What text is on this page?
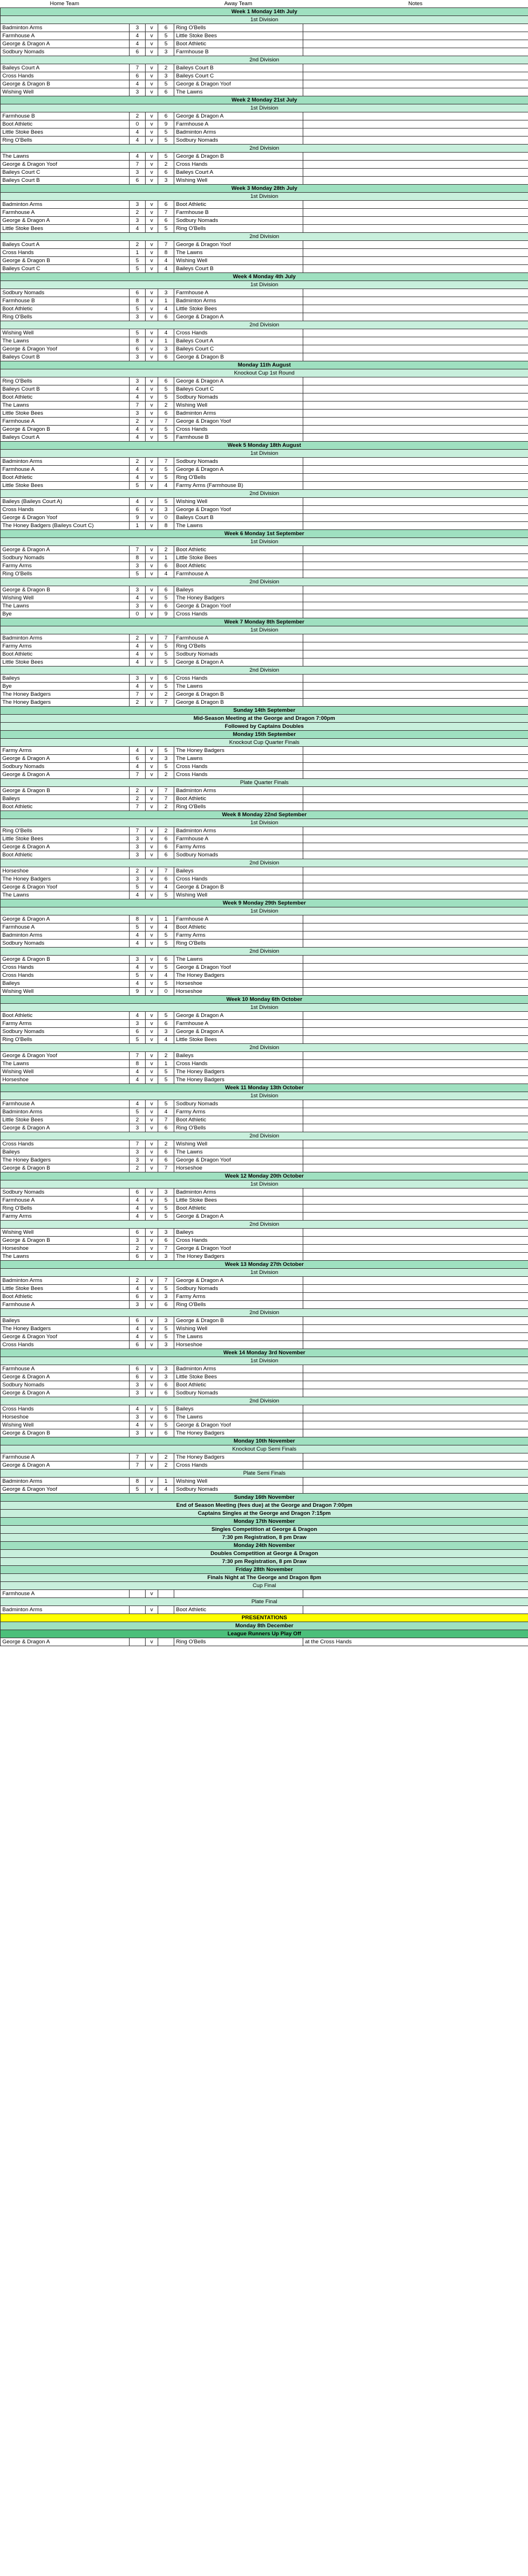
Home Team				Away Team	Notes
Week 1 Monday 14th July					
1st Division					
Badminton Arms	3	v	6	Ring O'Bells	
Farmhouse A	4	v	5	Little Stoke Bees	
George & Dragon A	4	v	5	Boot Athletic	
Sodbury Nomads	6	v	3	Farmhouse B	
2nd Division					
Baileys Court A	7	v	2	Baileys Court B	
Cross Hands	6	v	3	Baileys Court C	
George & Dragon B	4	v	5	George & Dragon Yoof	
Wishing Well	3	v	6	The Lawns	
Week 2 Monday 21st July					
1st Division					
Farmhouse B	2	v	6	George & Dragon A	
Boot Athletic	0	v	9	Farmhouse A	
Little Stoke Bees	4	v	5	Badminton Arms	
Ring O'Bells	4	v	5	Sodbury Nomads	
2nd Division					
The Lawns	4	v	5	George & Dragon B	
George & Dragon Yoof	7	v	2	Cross Hands	
Baileys Court C	3	v	6	Baileys Court A	
Baileys Court B	6	v	3	Wishing Well	
Week 3 Monday 28th July					
1st Division					
Badminton Arms	3	v	6	Boot Athletic	
Farmhouse A	2	v	7	Farmhouse B	
George & Dragon A	3	v	6	Sodbury Nomads	
Little Stoke Bees	4	v	5	Ring O'Bells	
2nd Division					
Baileys Court A	2	v	7	George & Dragon Yoof	
Cross Hands	1	v	8	The Lawns	
George & Dragon B	5	v	4	Wishing Well	
Baileys Court C	5	v	4	Baileys Court B	
Week 4 Monday 4th July					
1st Division					
Sodbury Nomads	6	v	3	Farmhouse A	
Farmhouse B	8	v	1	Badminton Arms	
Boot Athletic	5	v	4	Little Stoke Bees	
Ring O'Bells	3	v	6	George & Dragon A	
2nd Division					
Wishing Well	5	v	4	Cross Hands	
The Lawns	8	v	1	Baileys Court A	
George & Dragon Yoof	6	v	3	Baileys Court C	
Baileys Court B	3	v	6	George & Dragon B	
Monday 11th August					
Knockout Cup 1st Round					
Ring O'Bells	3	v	6	George & Dragon A	
Baileys Court B	4	v	5	Baileys Court C	
Boot Athletic	4	v	5	Sodbury Nomads	
The Lawns	7	v	2	Wishing Well	
Little Stoke Bees	3	v	6	Badminton Arms	
Farmhouse A	2	v	7	George & Dragon Yoof	
George & Dragon B	4	v	5	Cross Hands	
Baileys Court A	4	v	5	Farmhouse B	
Week 5 Monday 18th August					
1st Division					
Badminton Arms	2	v	7	Sodbury Nomads	
Farmhouse A	4	v	5	George & Dragon A	
Boot Athletic	4	v	5	Ring O'Bells	
Little Stoke Bees	5	v	4	Farmy Arms (Farmhouse B)	
2nd Division					
Baileys (Baileys Court A)	4	v	5	Wishing Well	
Cross Hands	6	v	3	George & Dragon Yoof	
George & Dragon Yoof	9	v	0	Baileys Court B	
The Honey Badgers (Baileys Court C)	1	v	8	The Lawns	
Week 6 Monday 1st September					
1st Division					
George & Dragon A	7	v	2	Boot Athletic	
Sodbury Nomads	8	v	1	Little Stoke Bees	
Farmy Arms	3	v	6	Boot Athletic	
Ring O'Bells	5	v	4	Farmhouse A	
2nd Division					
George & Dragon B	3	v	6	Baileys	
Wishing Well	4	v	5	The Honey Badgers	
The Lawns	3	v	6	George & Dragon Yoof	
Bye	0	v	9	Cross Hands	
Week 7 Monday 8th September					
1st Division					
Badminton Arms	2	v	7	Farmhouse A	
Farmy Arms	4	v	5	Ring O'Bells	
Boot Athletic	4	v	5	Sodbury Nomads	
Little Stoke Bees	4	v	5	George & Dragon A	
2nd Division					
Baileys	3	v	6	Cross Hands	
Bye	4	v	5	The Lawns	
The Honey Badgers	7	v	2	George & Dragon B	
The Honey Badgers	2	v	7	George & Dragon B	
Sunday 14th September					
Mid-Season Meeting at the George and Dragon 7:00pm					
Followed by Captains Doubles					
Monday 15th September					
Knockout Cup Quarter Finals					
Farmy Arms	4	v	5	The Honey Badgers	
George & Dragon A	6	v	3	The Lawns	
Sodbury Nomads	4	v	5	Cross Hands	
George & Dragon A	7	v	2	Cross Hands	
Plate Quarter Finals					
George & Dragon B	2	v	7	Badminton Arms	
Baileys	2	v	7	Boot Athletic	
Boot Athletic	7	v	2	Ring O'Bells	
Week 8 Monday 22nd September					
1st Division					
Ring O'Bells	7	v	2	Badminton Arms	
Little Stoke Bees	3	v	6	Farmhouse A	
George & Dragon A	3	v	6	Farmy Arms	
Boot Athletic	3	v	6	Sodbury Nomads	
2nd Division					
Horseshoe	2	v	7	Baileys	
The Honey Badgers	3	v	6	Cross Hands	
George & Dragon Yoof	5	v	4	George & Dragon B	
The Lawns	4	v	5	Wishing Well	
Week 9 Monday 29th September					
1st Division					
George & Dragon A	8	v	1	Farmhouse A	
Farmhouse A	5	v	4	Boot Athletic	
Badminton Arms	4	v	5	Farmy Arms	
Sodbury Nomads	4	v	5	Ring O'Bells	
2nd Division					
George & Dragon B	3	v	6	The Lawns	
Cross Hands	4	v	5	George & Dragon Yoof	
Cross Hands	5	v	4	The Honey Badgers	
Baileys	4	v	5	Horseshoe	
Wishing Well	9	v	0	Horseshoe	
Week 10 Monday 6th October					
1st Division					
Boot Athletic	4	v	5	George & Dragon A	
Farmy Arms	3	v	6	Farmhouse A	
Sodbury Nomads	6	v	3	George & Dragon A	
Ring O'Bells	5	v	4	Little Stoke Bees	
2nd Division					
George & Dragon Yoof	7	v	2	Baileys	
The Lawns	8	v	1	Cross Hands	
Wishing Well	4	v	5	The Honey Badgers	
Horseshoe	4	v	5	The Honey Badgers	
Week 11 Monday 13th October					
1st Division					
Farmhouse A	4	v	5	Sodbury Nomads	
Badminton Arms	5	v	4	Farmy Arms	
Little Stoke Bees	2	v	7	Boot Athletic	
George & Dragon A	3	v	6	Ring O'Bells	
2nd Division					
Cross Hands	7	v	2	Wishing Well	
Baileys	3	v	6	The Lawns	
The Honey Badgers	3	v	6	George & Dragon Yoof	
George & Dragon B	2	v	7	Horseshoe	
Week 12 Monday 20th October					
1st Division					
Sodbury Nomads	6	v	3	Badminton Arms	
Farmhouse A	4	v	5	Little Stoke Bees	
Ring O'Bells	4	v	5	Boot Athletic	
Farmy Arms	4	v	5	George & Dragon A	
2nd Division					
Wishing Well	6	v	3	Baileys	
George & Dragon B	3	v	6	Cross Hands	
Horseshoe	2	v	7	George & Dragon Yoof	
The Lawns	6	v	3	The Honey Badgers	
Week 13 Monday 27th October					
1st Division					
Badminton Arms	2	v	7	George & Dragon A	
Little Stoke Bees	4	v	5	Sodbury Nomads	
Boot Athletic	6	v	3	Farmy Arms	
Farmhouse A	3	v	6	Ring O'Bells	
2nd Division					
Baileys	6	v	3	George & Dragon B	
The Honey Badgers	4	v	5	Wishing Well	
George & Dragon Yoof	4	v	5	The Lawns	
Cross Hands	6	v	3	Horseshoe	
Week 14 Monday 3rd November					
1st Division					
Farmhouse A	6	v	3	Badminton Arms	
George & Dragon A	6	v	3	Little Stoke Bees	
Sodbury Nomads	3	v	6	Boot Athletic	
George & Dragon A	3	v	6	Sodbury Nomads	
2nd Division					
Cross Hands	4	v	5	Baileys	
Horseshoe	3	v	6	The Lawns	
Wishing Well	4	v	5	George & Dragon Yoof	
George & Dragon B	3	v	6	The Honey Badgers	
Monday 10th November					
Knockout Cup Semi Finals					
Farmhouse A	7	v	2	The Honey Badgers	
George & Dragon A	7	v	2	Cross Hands	
Plate Semi Finals					
Badminton Arms	8	v	1	Wishing Well	
George & Dragon Yoof	5	v	4	Sodbury Nomads	
Sunday 16th November					
End of Season Meeting (fees due) at the George and Dragon 7:00pm					
Captains Singles at the George and Dragon 7:15pm					
Monday 17th November					
Singles Competition at George & Dragon					
7:30 pm Registration, 8 pm Draw					
Monday 24th November					
Doubles Competition at George & Dragon					
7:30 pm Registration, 8 pm Draw					
Friday 28th November					
Finals Night at The George and Dragon 8pm					
Cup Final					
Farmhouse A		v			
Plate Final					
Badminton Arms		v		Boot Athletic	
PRESENTATIONS					
Monday 8th December					
League Runners Up Play Off					
George & Dragon A		v		Ring O'Bells	at the Cross Hands
